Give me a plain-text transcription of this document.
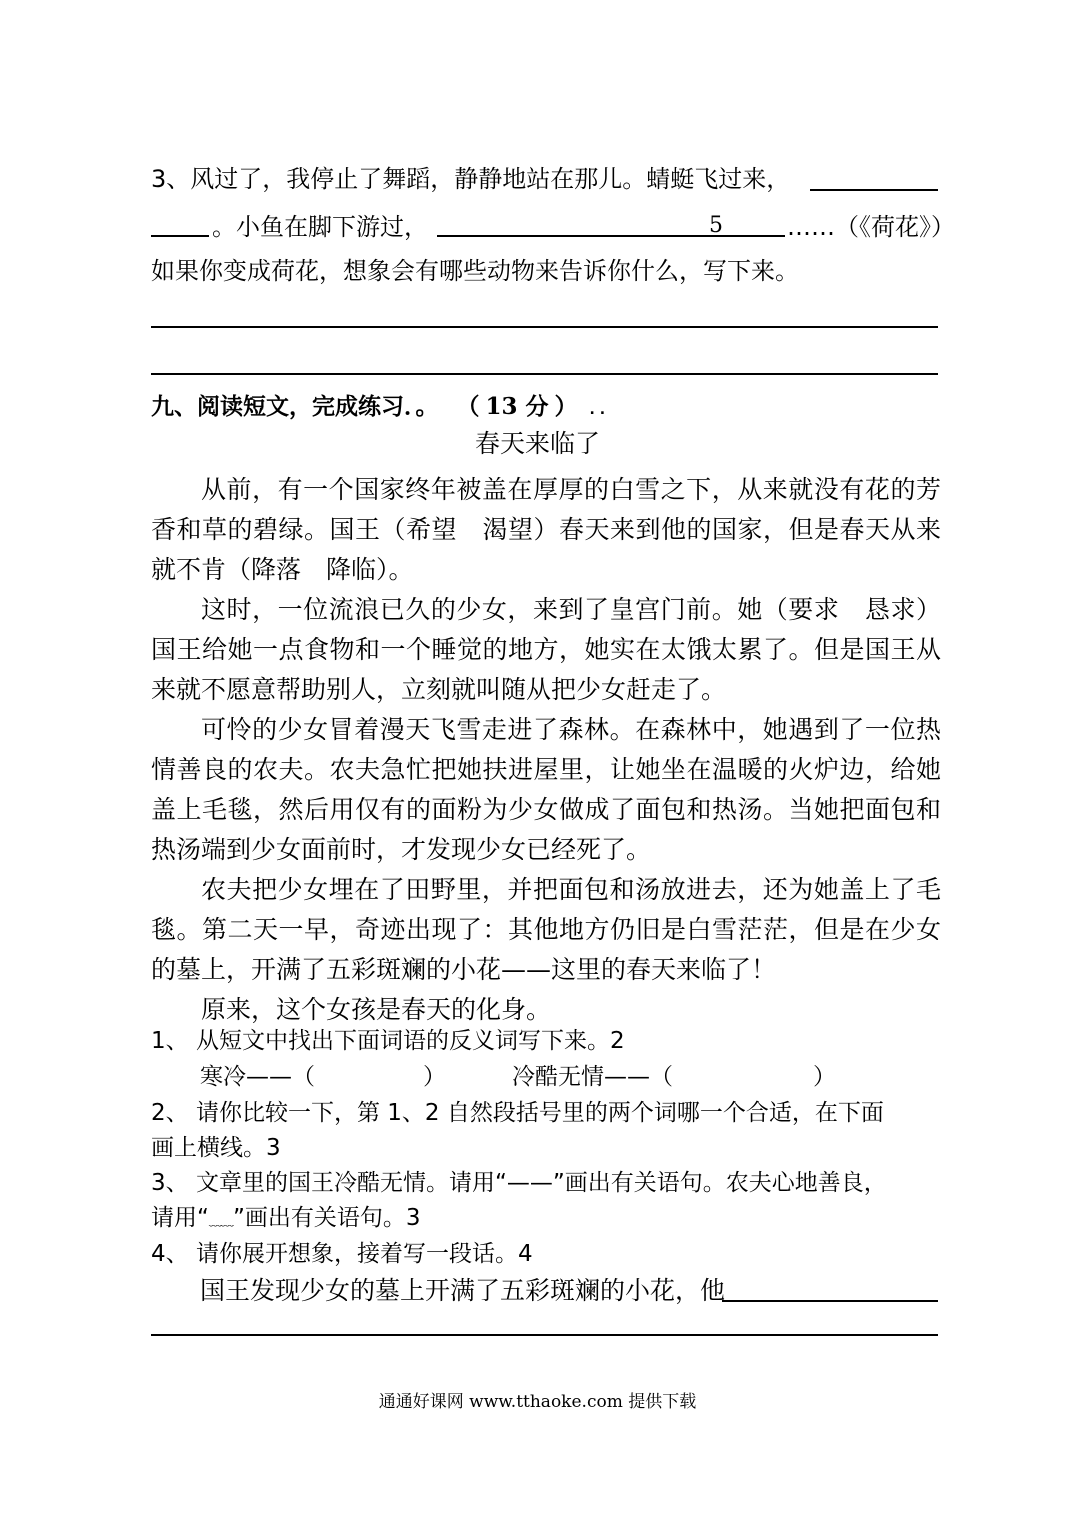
3、风过了，我停止了舞蹈，静静地站在那儿。蜻蜓飞过来，
。小鱼在脚下游过，	5	……（《荷花》）
如果你变成荷花，想象会有哪些动物来告诉你什么，写下来。
九、阅读短文，完成练习．。 （ 13 分 ） . .
春天来临了

从前，有一个国家终年被盖在厚厚的白雪之下，从来就没有花的芳香和草的碧绿。国王（希望　渴望）春天来到他的国家，但是春天从来就不肯（降落　降临）。

这时，一位流浪已久的少女，来到了皇宫门前。她（要求　恳求）国王给她一点食物和一个睡觉的地方，她实在太饿太累了。但是国王从来就不愿意帮助别人，立刻就叫随从把少女赶走了。

可怜的少女冒着漫天飞雪走进了森林。在森林中，她遇到了一位热情善良的农夫。农夫急忙把她扶进屋里，让她坐在温暖的火炉边，给她盖上毛毯，然后用仅有的面粉为少女做成了面包和热汤。当她把面包和热汤端到少女面前时，才发现少女已经死了。

农夫把少女埋在了田野里，并把面包和汤放进去，还为她盖上了毛毯。第二天一早，奇迹出现了：其他地方仍旧是白雪茫茫，但是在少女的墓上，开满了五彩斑斓的小花——这里的春天来临了！

原来，这个女孩是春天的化身。

1、 从短文中找出下面词语的反义词写下来。2
寒冷——（	）	冷酷无情——（	）
2、 请你比较一下，第 1、2 自然段括号里的两个词哪一个合适，在下面
画上横线。3
3、 文章里的国王冷酷无情。请用“——”画出有关语句。农夫心地善良，
请用“﹏﹏”画出有关语句。3
4、 请你展开想象，接着写一段话。4
国王发现少女的墓上开满了五彩斑斓的小花，他
通通好课网 www.tthaoke.com 提供下载
